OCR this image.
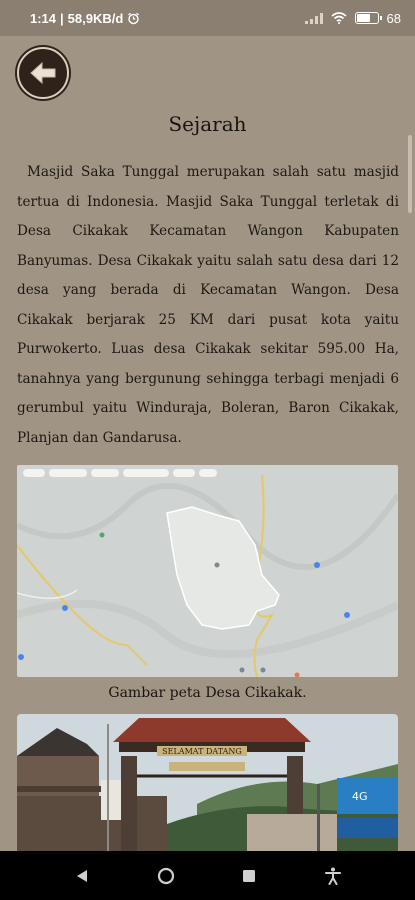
1:14 | 58,9KB/d	68
Sejarah

Masjid Saka Tunggal merupakan salah satu masjid tertua di Indonesia. Masjid Saka Tunggal terletak di Desa Cikakak Kecamatan Wangon Kabupaten Banyumas. Desa Cikakak yaitu salah satu desa dari 12 desa yang berada di Kecamatan Wangon. Desa Cikakak berjarak 25 KM dari pusat kota yaitu Purwokerto. Luas desa Cikakak sekitar 595.00 Ha, tanahnya yang bergunung sehingga terbagi menjadi 6 gerumbul yaitu Winduraja, Boleran, Baron Cikakak, Planjan dan Gandarusa.

Gambar peta Desa Cikakak.
SELAMAT DATANG
4G
